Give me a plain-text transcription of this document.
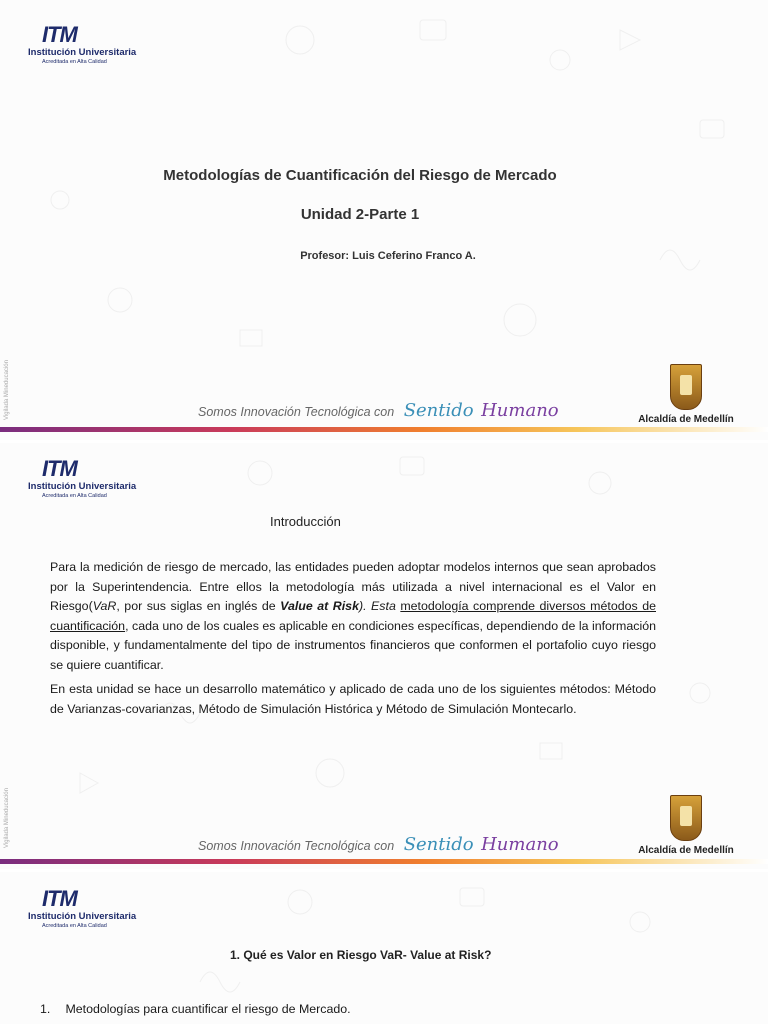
ITM
Institución Universitaria
Acreditada en Alta Calidad
Metodologías de Cuantificación del Riesgo de Mercado
Unidad 2-Parte 1
Profesor: Luis Ceferino Franco A.
Vigilada Mineducación	Somos Innovación Tecnológica con Sentido Humano	Alcaldía de Medellín
ITM
Institución Universitaria
Acreditada en Alta Calidad
Introducción
Para la medición de riesgo de mercado, las entidades pueden adoptar modelos internos que sean aprobados por la Superintendencia. Entre ellos la metodología más utilizada a nivel internacional es el Valor en Riesgo(VaR, por sus siglas en inglés de Value at Risk). Esta metodología comprende diversos métodos de cuantificación, cada uno de los cuales es aplicable en condiciones específicas, dependiendo de la información disponible, y fundamentalmente del tipo de instrumentos financieros que conformen el portafolio cuyo riesgo se quiere cuantificar.
En esta unidad se hace un desarrollo matemático y aplicado de cada uno de los siguientes métodos: Método de Varianzas-covarianzas, Método de Simulación Histórica y Método de Simulación Montecarlo.
Vigilada Mineducación	Somos Innovación Tecnológica con Sentido Humano	Alcaldía de Medellín
ITM
Institución Universitaria
Acreditada en Alta Calidad
1. Qué es Valor en Riesgo VaR- Value at Risk?
1. Metodologías para cuantificar el riesgo de Mercado.
